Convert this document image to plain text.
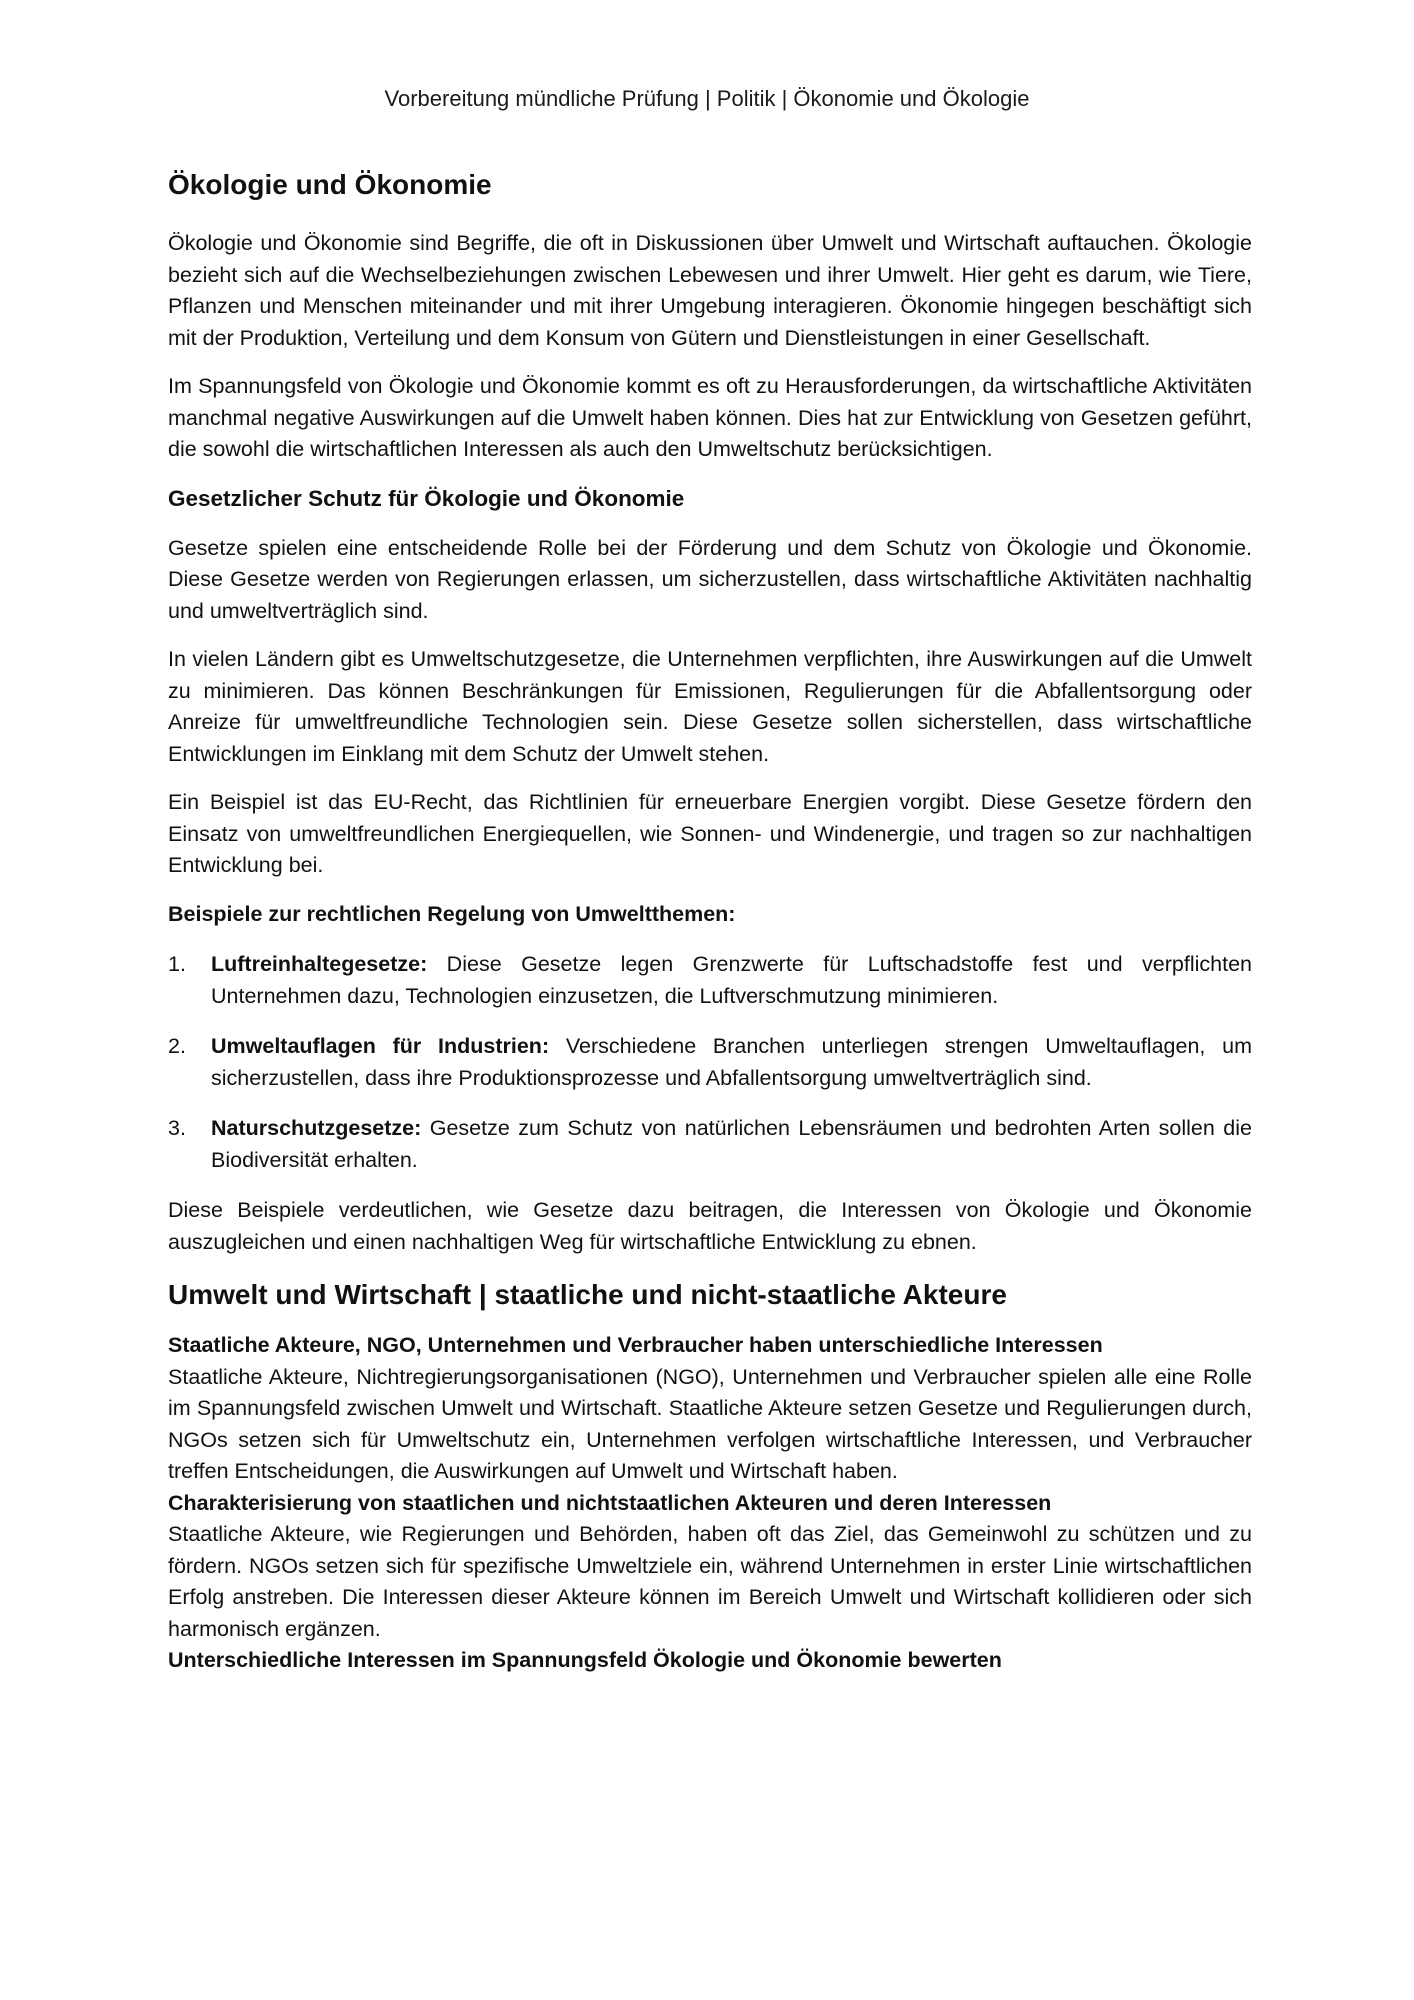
Vorbereitung mündliche Prüfung | Politik | Ökonomie und Ökologie
Ökologie und Ökonomie

Ökologie und Ökonomie sind Begriffe, die oft in Diskussionen über Umwelt und Wirtschaft auftauchen. Ökologie bezieht sich auf die Wechselbeziehungen zwischen Lebewesen und ihrer Umwelt. Hier geht es darum, wie Tiere, Pflanzen und Menschen miteinander und mit ihrer Umgebung interagieren. Ökonomie hingegen beschäftigt sich mit der Produktion, Verteilung und dem Konsum von Gütern und Dienstleistungen in einer Gesellschaft.

Im Spannungsfeld von Ökologie und Ökonomie kommt es oft zu Herausforderungen, da wirtschaftliche Aktivitäten manchmal negative Auswirkungen auf die Umwelt haben können. Dies hat zur Entwicklung von Gesetzen geführt, die sowohl die wirtschaftlichen Interessen als auch den Umweltschutz berücksichtigen.

Gesetzlicher Schutz für Ökologie und Ökonomie

Gesetze spielen eine entscheidende Rolle bei der Förderung und dem Schutz von Ökologie und Ökonomie. Diese Gesetze werden von Regierungen erlassen, um sicherzustellen, dass wirtschaftliche Aktivitäten nachhaltig und umweltverträglich sind.

In vielen Ländern gibt es Umweltschutzgesetze, die Unternehmen verpflichten, ihre Auswirkungen auf die Umwelt zu minimieren. Das können Beschränkungen für Emissionen, Regulierungen für die Abfallentsorgung oder Anreize für umweltfreundliche Technologien sein. Diese Gesetze sollen sicherstellen, dass wirtschaftliche Entwicklungen im Einklang mit dem Schutz der Umwelt stehen.

Ein Beispiel ist das EU-Recht, das Richtlinien für erneuerbare Energien vorgibt. Diese Gesetze fördern den Einsatz von umweltfreundlichen Energiequellen, wie Sonnen- und Windenergie, und tragen so zur nachhaltigen Entwicklung bei.

Beispiele zur rechtlichen Regelung von Umweltthemen:
1. Luftreinhaltegesetze: Diese Gesetze legen Grenzwerte für Luftschadstoffe fest und verpflichten Unternehmen dazu, Technologien einzusetzen, die Luftverschmutzung minimieren.
2. Umweltauflagen für Industrien: Verschiedene Branchen unterliegen strengen Umweltauflagen, um sicherzustellen, dass ihre Produktionsprozesse und Abfallentsorgung umweltverträglich sind.
3. Naturschutzgesetze: Gesetze zum Schutz von natürlichen Lebensräumen und bedrohten Arten sollen die Biodiversität erhalten.

Diese Beispiele verdeutlichen, wie Gesetze dazu beitragen, die Interessen von Ökologie und Ökonomie auszugleichen und einen nachhaltigen Weg für wirtschaftliche Entwicklung zu ebnen.

Umwelt und Wirtschaft | staatliche und nicht-staatliche Akteure
Staatliche Akteure, NGO, Unternehmen und Verbraucher haben unterschiedliche Interessen

Staatliche Akteure, Nichtregierungsorganisationen (NGO), Unternehmen und Verbraucher spielen alle eine Rolle im Spannungsfeld zwischen Umwelt und Wirtschaft. Staatliche Akteure setzen Gesetze und Regulierungen durch, NGOs setzen sich für Umweltschutz ein, Unternehmen verfolgen wirtschaftliche Interessen, und Verbraucher treffen Entscheidungen, die Auswirkungen auf Umwelt und Wirtschaft haben.

Charakterisierung von staatlichen und nichtstaatlichen Akteuren und deren Interessen

Staatliche Akteure, wie Regierungen und Behörden, haben oft das Ziel, das Gemeinwohl zu schützen und zu fördern. NGOs setzen sich für spezifische Umweltziele ein, während Unternehmen in erster Linie wirtschaftlichen Erfolg anstreben. Die Interessen dieser Akteure können im Bereich Umwelt und Wirtschaft kollidieren oder sich harmonisch ergänzen.

Unterschiedliche Interessen im Spannungsfeld Ökologie und Ökonomie bewerten
